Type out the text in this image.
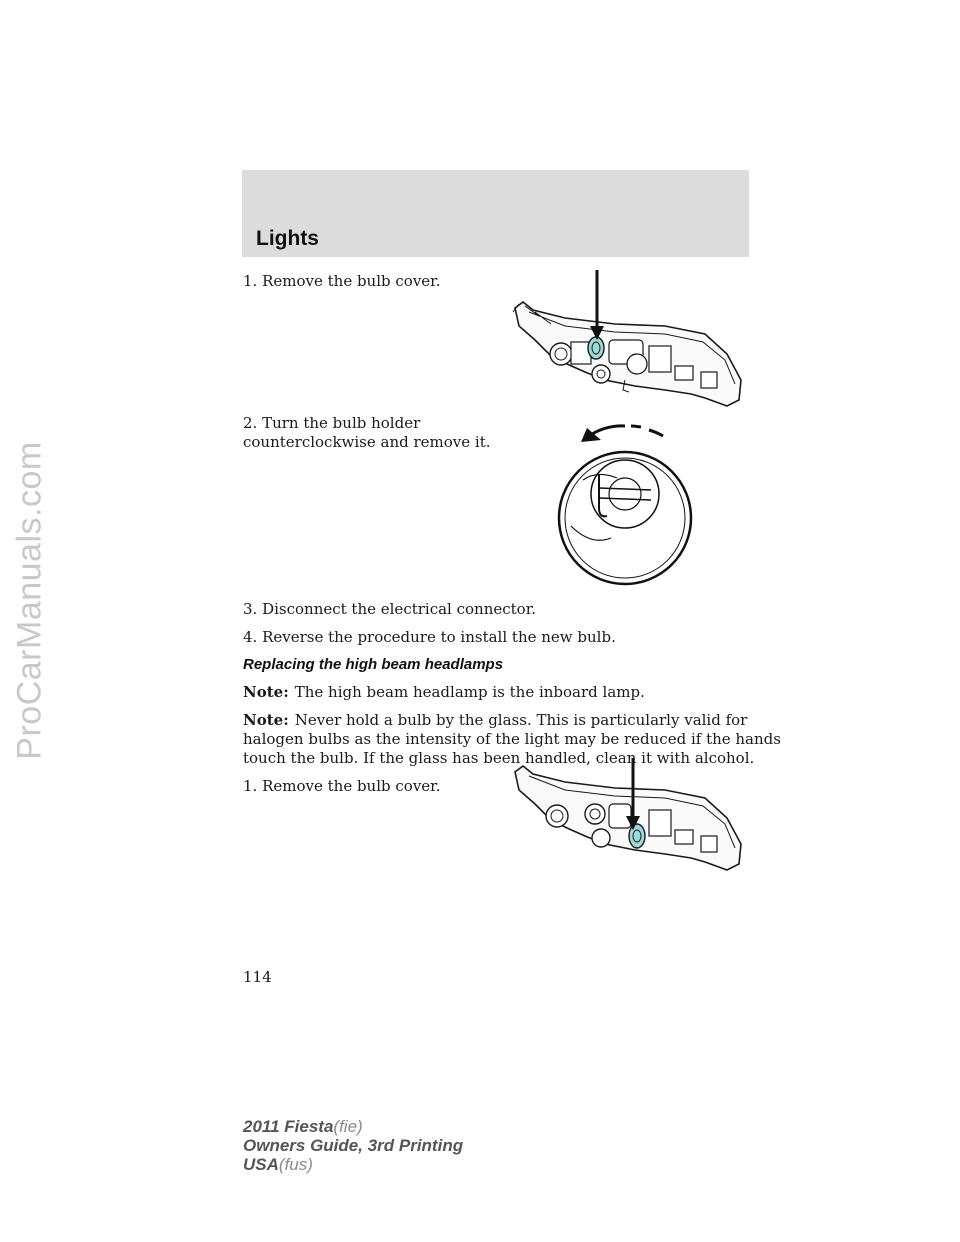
ProCarManuals.com
Lights
1. Remove the bulb cover.
2. Turn the bulb holder
counterclockwise and remove it.
3. Disconnect the electrical connector.
4. Reverse the procedure to install the new bulb.
Replacing the high beam headlamps
Note: The high beam headlamp is the inboard lamp.
Note: Never hold a bulb by the glass. This is particularly valid for
halogen bulbs as the intensity of the light may be reduced if the hands
touch the bulb. If the glass has been handled, clean it with alcohol.
1. Remove the bulb cover.
114
2011 Fiesta(fie)
Owners Guide, 3rd Printing
USA(fus)
